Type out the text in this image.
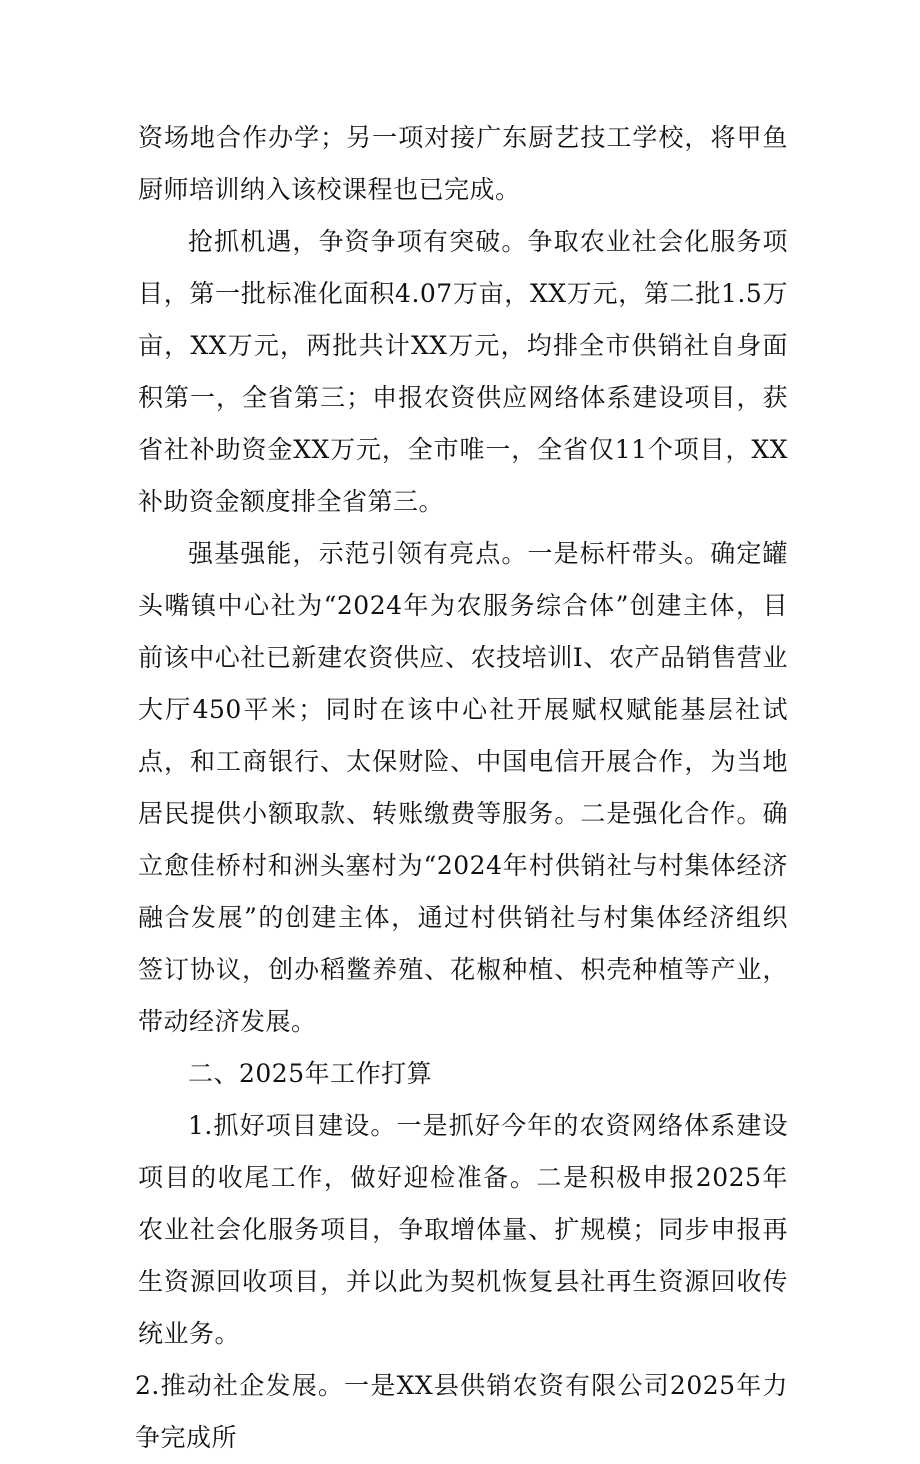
资场地合作办学；另一项对接广东厨艺技工学校，将甲鱼厨师培训纳入该校课程也已完成。

抢抓机遇，争资争项有突破。争取农业社会化服务项目，第一批标准化面积4.07万亩，XX万元，第二批1.5万亩，XX万元，两批共计XX万元，均排全市供销社自身面积第一，全省第三；申报农资供应网络体系建设项目，获省社补助资金XX万元，全市唯一，全省仅11个项目，XX补助资金额度排全省第三。

强基强能，示范引领有亮点。一是标杆带头。确定罐头嘴镇中心社为“2024年为农服务综合体”创建主体，目前该中心社已新建农资供应、农技培训I、农产品销售营业大厅450平米；同时在该中心社开展赋权赋能基层社试点，和工商银行、太保财险、中国电信开展合作，为当地居民提供小额取款、转账缴费等服务。二是强化合作。确立愈佳桥村和洲头塞村为“2024年村供销社与村集体经济融合发展”的创建主体，通过村供销社与村集体经济组织签订协议，创办稻鳖养殖、花椒种植、枳壳种植等产业，带动经济发展。

二、2025年工作打算

1.抓好项目建设。一是抓好今年的农资网络体系建设项目的收尾工作，做好迎检准备。二是积极申报2025年农业社会化服务项目，争取增体量、扩规模；同步申报再生资源回收项目，并以此为契机恢复县社再生资源回收传统业务。

2.推动社企发展。一是XX县供销农资有限公司2025年力争完成所
